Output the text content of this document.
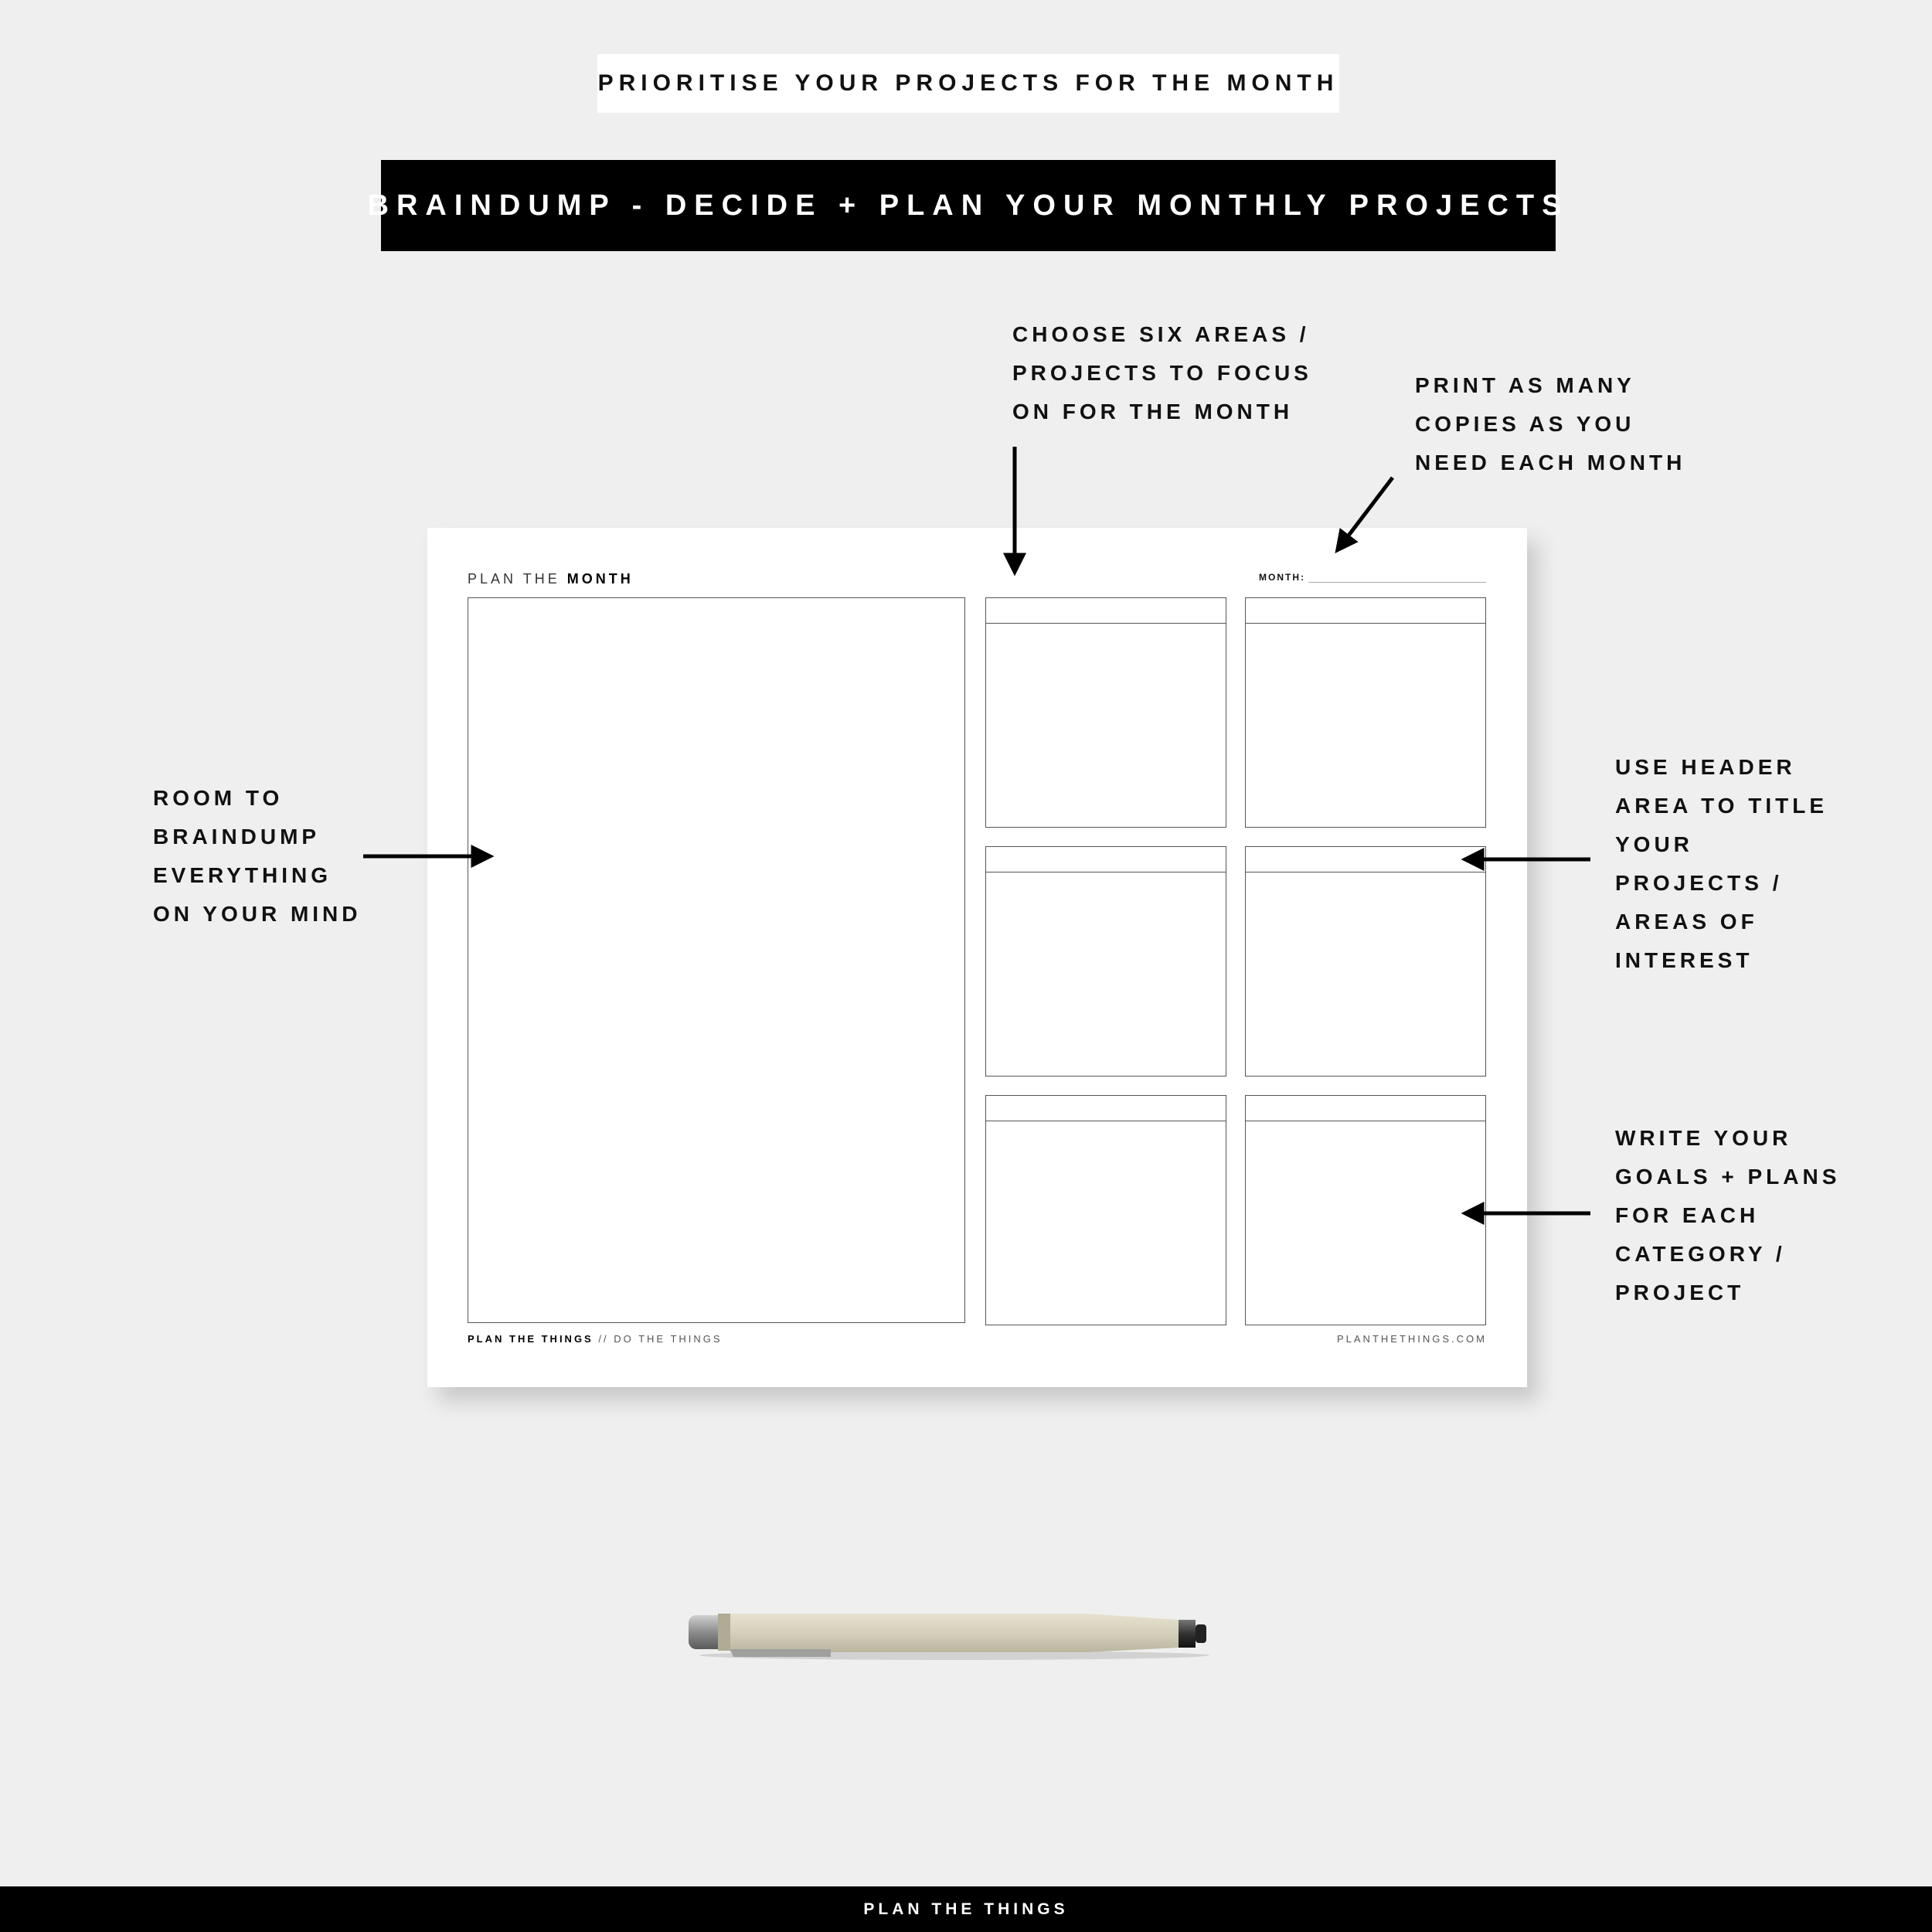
PRIORITISE YOUR PROJECTS FOR THE MONTH
BRAINDUMP - DECIDE + PLAN YOUR MONTHLY PROJECTS
CHOOSE SIX AREAS /
PROJECTS TO FOCUS
ON FOR THE MONTH
PRINT AS MANY
COPIES AS YOU
NEED EACH MONTH
ROOM TO
BRAINDUMP
EVERYTHING
ON YOUR MIND
USE HEADER
AREA TO TITLE
YOUR
PROJECTS /
AREAS OF
INTEREST
WRITE YOUR
GOALS + PLANS
FOR EACH
CATEGORY /
PROJECT
PLAN THE MONTH	MONTH:
PLAN THE THINGS // DO THE THINGS	PLANTHETHINGS.COM
PLAN THE THINGS
